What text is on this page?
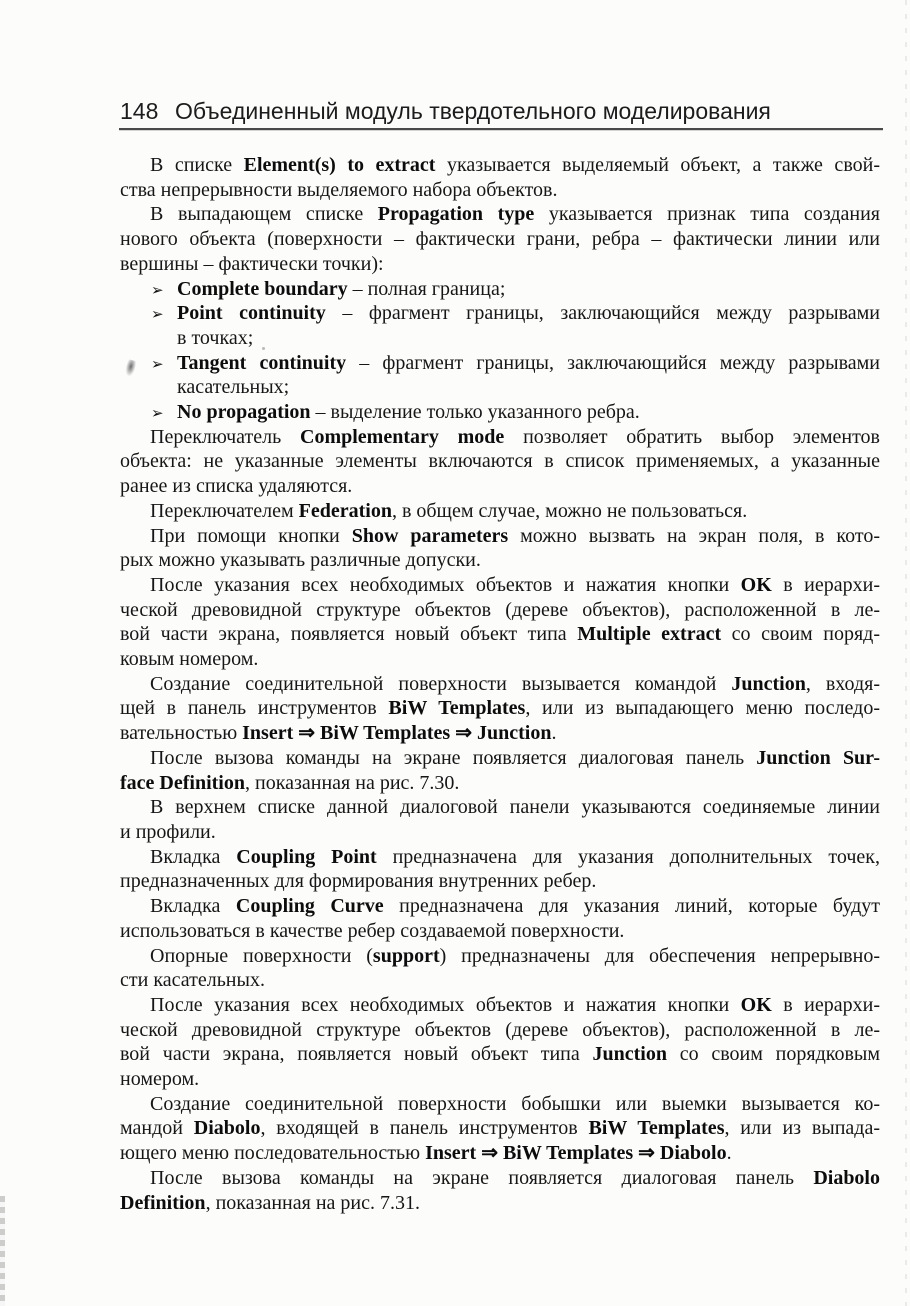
148 Объединенный модуль твердотельного моделирования
В списке Element(s) to extract указывается выделяемый объект, а также свой-
ства непрерывности выделяемого набора объектов.
В выпадающем списке Propagation type указывается признак типа создания
нового объекта (поверхности – фактически грани, ребра – фактически линии или
вершины – фактически точки):
➢ Complete boundary – полная граница;
➢ Point continuity – фрагмент границы, заключающийся между разрывами
в точках;
➢ Tangent continuity – фрагмент границы, заключающийся между разрывами
касательных;
➢ No propagation – выделение только указанного ребра.
Переключатель Complementary mode позволяет обратить выбор элементов
объекта: не указанные элементы включаются в список применяемых, а указанные
ранее из списка удаляются.
Переключателем Federation, в общем случае, можно не пользоваться.
При помощи кнопки Show parameters можно вызвать на экран поля, в кото-
рых можно указывать различные допуски.
После указания всех необходимых объектов и нажатия кнопки OK в иерархи-
ческой древовидной структуре объектов (дереве объектов), расположенной в ле-
вой части экрана, появляется новый объект типа Multiple extract со своим поряд-
ковым номером.
Создание соединительной поверхности вызывается командой Junction, входя-
щей в панель инструментов BiW Templates, или из выпадающего меню последо-
вательностью Insert ⇒ BiW Templates ⇒ Junction.
После вызова команды на экране появляется диалоговая панель Junction Sur-
face Definition, показанная на рис. 7.30.
В верхнем списке данной диалоговой панели указываются соединяемые линии
и профили.
Вкладка Coupling Point предназначена для указания дополнительных точек,
предназначенных для формирования внутренних ребер.
Вкладка Coupling Curve предназначена для указания линий, которые будут
использоваться в качестве ребер создаваемой поверхности.
Опорные поверхности (support) предназначены для обеспечения непрерывно-
сти касательных.
После указания всех необходимых объектов и нажатия кнопки OK в иерархи-
ческой древовидной структуре объектов (дереве объектов), расположенной в ле-
вой части экрана, появляется новый объект типа Junction со своим порядковым
номером.
Создание соединительной поверхности бобышки или выемки вызывается ко-
мандой Diabolo, входящей в панель инструментов BiW Templates, или из выпада-
ющего меню последовательностью Insert ⇒ BiW Templates ⇒ Diabolo.
После вызова команды на экране появляется диалоговая панель Diabolo
Definition, показанная на рис. 7.31.
